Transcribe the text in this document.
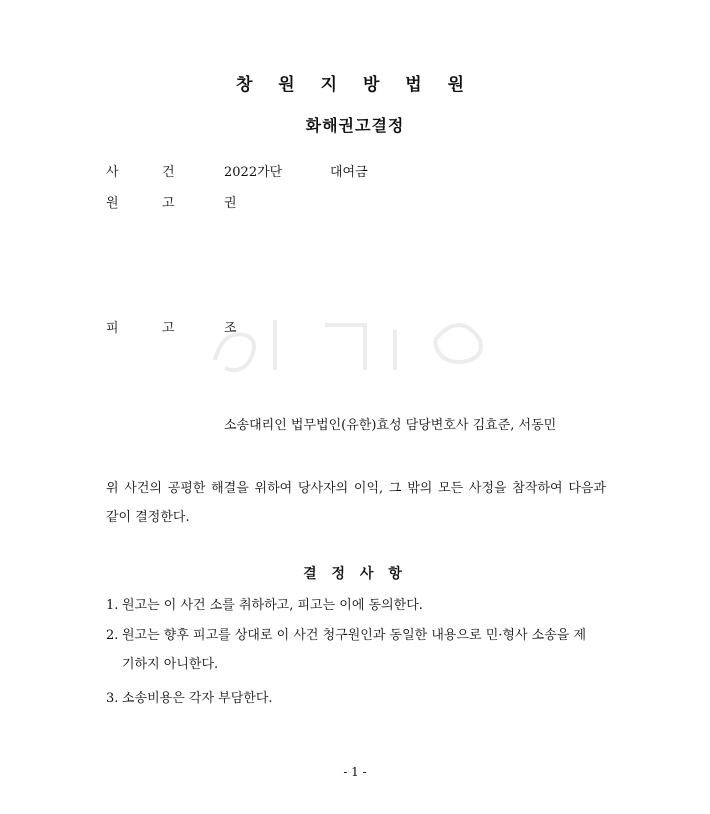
창 원 지 방 법 원
화해권고결정
사	건	2022가단	대여금
원	고	권
피	고	조
소송대리인 법무법인(유한)효성 담당변호사 김효준, 서동민
위 사건의 공평한 해결을 위하여 당사자의 이익, 그 밖의 모든 사정을 참작하여 다음과 같이 결정한다.
결 정 사 항
1. 원고는 이 사건 소를 취하하고, 피고는 이에 동의한다.
2. 원고는 향후 피고를 상대로 이 사건 청구원인과 동일한 내용으로 민·형사 소송을 제
기하지 아니한다.
3. 소송비용은 각자 부담한다.
- 1 -
